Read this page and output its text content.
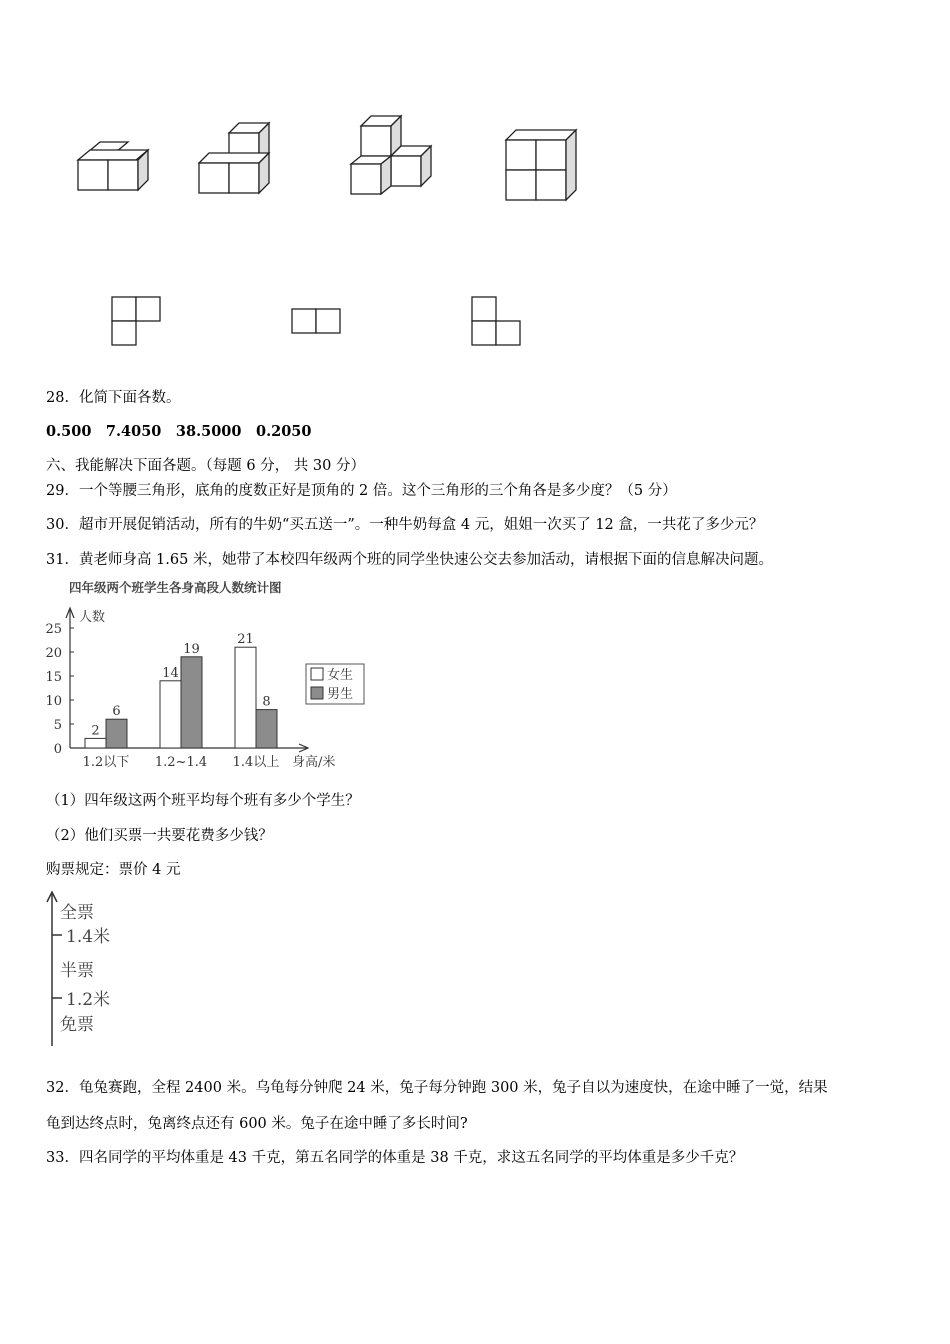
28．化简下面各数。
0.500　7.4050　38.5000　0.2050
六、我能解决下面各题。（每题 6 分， 共 30 分）
29．一个等腰三角形，底角的度数正好是顶角的 2 倍。这个三角形的三个角各是多少度？（5 分）
30．超市开展促销活动，所有的牛奶“买五送一”。一种牛奶每盒 4 元，姐姐一次买了 12 盒，一共花了多少元？
31．黄老师身高 1.65 米，她带了本校四年级两个班的同学坐快速公交去参加活动，请根据下面的信息解决问题。
四年级两个班学生各身高段人数统计图
人数
身高/米
0
5
10
15
20
25
2
6
14
19
21
8
1.2以下 1.2~1.4 1.4以上
女生
男生
（1）四年级这两个班平均每个班有多少个学生？
（2）他们买票一共要花费多少钱？
购票规定：票价 4 元
全票
1.4米
半票
1.2米
免票
32．龟兔赛跑，全程 2400 米。乌龟每分钟爬 24 米，兔子每分钟跑 300 米，兔子自以为速度快，在途中睡了一觉，结果
龟到达终点时，兔离终点还有 600 米。兔子在途中睡了多长时间?
33．四名同学的平均体重是 43 千克，第五名同学的体重是 38 千克，求这五名同学的平均体重是多少千克？
